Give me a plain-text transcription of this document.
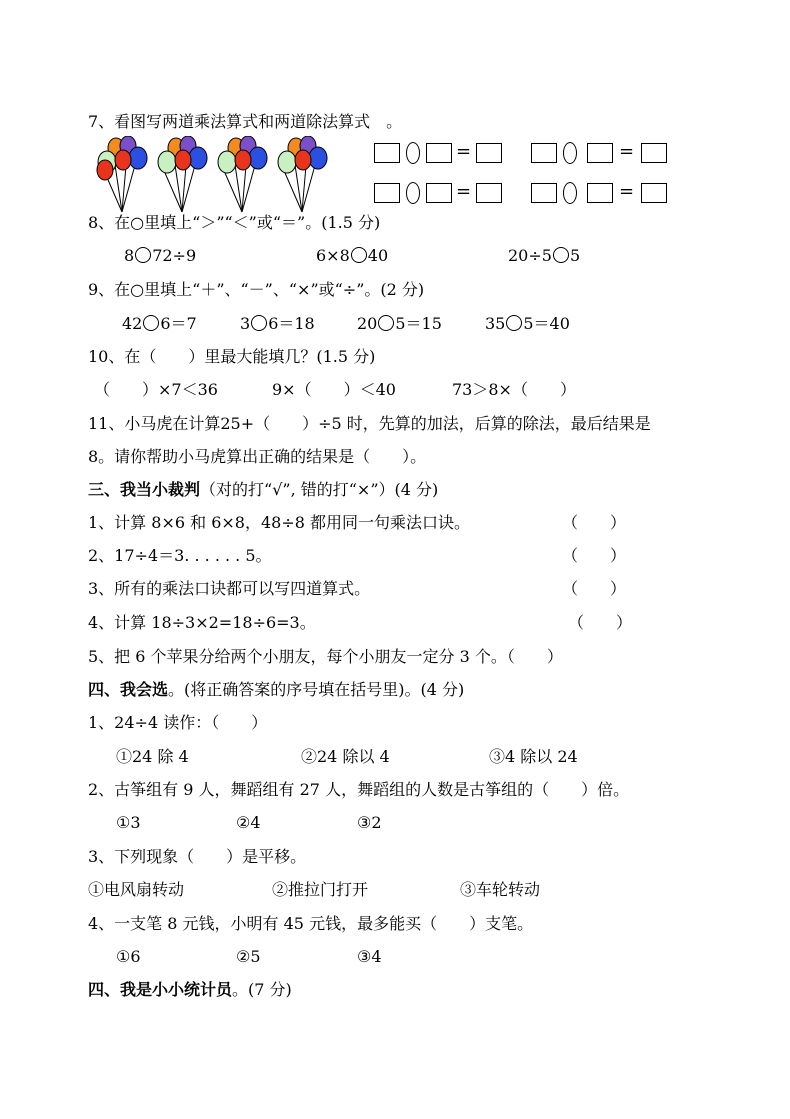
7、看图写两道乘法算式和两道除法算式　。
=	=
=	=
8、在○里填上“＞”“＜”或“＝”。(1.5 分)
8 72÷9	6×8 40	20÷5 5
9、在○里填上“＋”、“－”、“×”或“÷”。(2 分)
42 6＝7	3 6＝18	20 5＝15	35 5＝40
10、在（　　）里最大能填几？(1.5 分)
（　　）×7＜36	9×（　　）＜40	73＞8×（　　）
11、小马虎在计算25+（　　）÷5 时，先算的加法，后算的除法，最后结果是
8。请你帮助小马虎算出正确的结果是（　　）。
三、我当小裁判（对的打“√”, 错的打“×”）(4 分)
1、计算 8×6 和 6×8，48÷8 都用同一句乘法口诀。	（　　）
2、17÷4＝3. . . . . . 5。	（　　）
3、所有的乘法口诀都可以写四道算式。	（　　）
4、计算 18÷3×2=18÷6=3。	（　　）
5、把 6 个苹果分给两个小朋友，每个小朋友一定分 3 个。（　　）
四、我会选。(将正确答案的序号填在括号里)。(4 分)
1、24÷4 读作：（　　）
①24 除 4	②24 除以 4	③4 除以 24
2、古筝组有 9 人，舞蹈组有 27 人，舞蹈组的人数是古筝组的（　　）倍。
①3	②4	③2
3、下列现象（　　）是平移。
①电风扇转动	②推拉门打开	③车轮转动
4、一支笔 8 元钱，小明有 45 元钱，最多能买（　　）支笔。
①6	②5	③4
四、我是小小统计员。(7 分)
